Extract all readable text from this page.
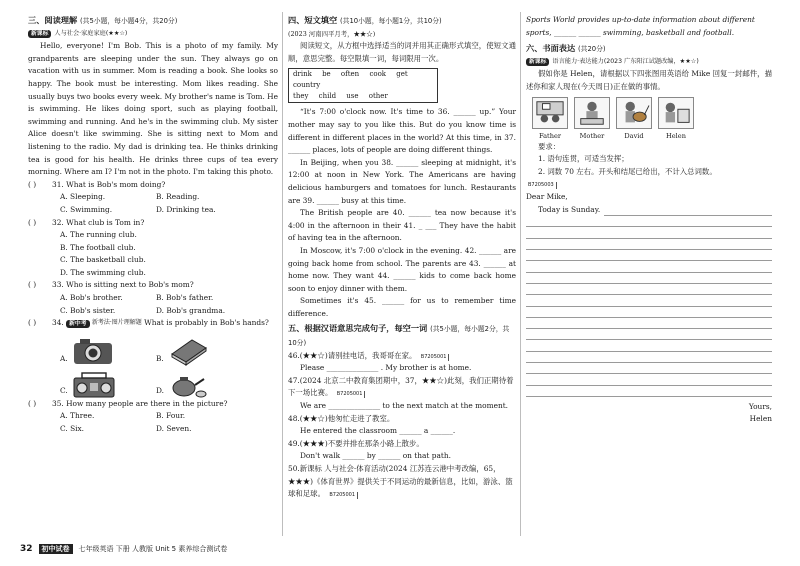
三、阅读理解 (共5小题，每小题4分，共20分)
新课标 人与社会·家庭家庭(★★☆)

Hello, everyone! I'm Bob. This is a photo of my family. My grandparents are sleeping under the sun. They always go on vacation with us in summer. Mom is reading a book. She looks so happy. The book must be interesting. Mom likes reading. She usually buys two books every week. My brother's name is Tom. He is swimming. He likes doing sport, such as playing football, swimming and running. And he's in the swimming club. My sister Alice doesn't like swimming. She is sitting next to Mom and listening to the radio. My dad is drinking tea. He thinks drinking tea is good for his health. He drinks three cups of tea every morning. Where am I? I'm not in the photo. I'm taking this photo.

( )	31. What is Bob's mom doing?
A. Sleeping.	B. Reading.
C. Swimming.	D. Drinking tea.
( )	32. What club is Tom in?
A. The running club.
B. The football club.
C. The basketball club.
D. The swimming club.
( )	33. Who is sitting next to Bob's mom?
A. Bob's brother.	B. Bob's father.
C. Bob's sister.	D. Bob's grandma.
( )	34.
新中考
新考法·图片理解题
What is probably in Bob's hands?
A.	B.
C.	D.
( )	35. How many people are there in the picture?
A. Three.	B. Four.
C. Six.	D. Seven.
四、短文填空 (共10小题，每小题1分，共10分)
(2023 河南四平月考，★★☆)

阅读短文，从方框中选择适当的词并用其正确形式填空，使短文通顺，意思完整。每空限填一词，每词限用一次。

drink be often cook get country
they child use other

“It's 7:00 o'clock now. It's time to 36. ______ up.” Your mother may say to you like this. But do you know time is different in different places in the world? At this time, in 37. ______ places, lots of people are doing different things.

In Beijing, when you 38. ______ sleeping at midnight, it's 12:00 at noon in New York. The Americans are having delicious hamburgers and tomatoes for lunch. Restaurants are 39. ______ busy at this time.

The British people are 40. ______ tea now because it's 4:00 in the afternoon in their 41. _ ___ They have the habit of having tea in the afternoon.

In Moscow, it's 7:00 o'clock in the evening. 42. ______ are going back home from school. The parents are 43. ______ at home now. They want 44. ______ kids to come back home soon to enjoy dinner with them.

Sometimes it's 45. ______ for us to remember time difference.

五、根据汉语意思完成句子，每空一词 (共5小题，每小题2分，共10分)
46.(★★☆)请别挂电话，我哥哥在家。 B7205001
Please ______________ . My brother is at home.
47.(2024 北京二中教育集团期中，37，★★☆)此刻，我们正期待着下一场比赛。 B7205001
We are ______________ to the next match at the moment.
48.(★★☆)他匆忙走进了教室。
He entered the classroom ______ a ______.
49.(★★★)不要并排在那条小路上散步。
Don't walk ______ by ______ on that path.
50.新课标 人与社会·体育活动(2024 江苏连云港中考改编，65，★★★)《体育世界》提供关于不同运动的最新信息，比如，游泳、篮球和足球。 B7205001

Sports World provides up-to-date information about different sports, ______ ______ swimming, basketball and football.

六、书面表达 (共20分)
新课标 语言能力·表达能力(2023 广东阳江试题改编，★★☆)

假如你是 Helen，请根据以下四张图用英语给 Mike 回复一封邮件，描述你和家人现在(今天周日)正在做的事情。

Father	Mother	David	Helen
要求：
1. 语句连贯，可适当发挥；
2. 词数 70 左右。开头和结尾已给出，不计入总词数。
B7205003
Dear Mike,
Today is Sunday.
Yours,
Helen
32	初中试卷	七年级英语 下册 人教版 Unit 5 素养综合测试卷
